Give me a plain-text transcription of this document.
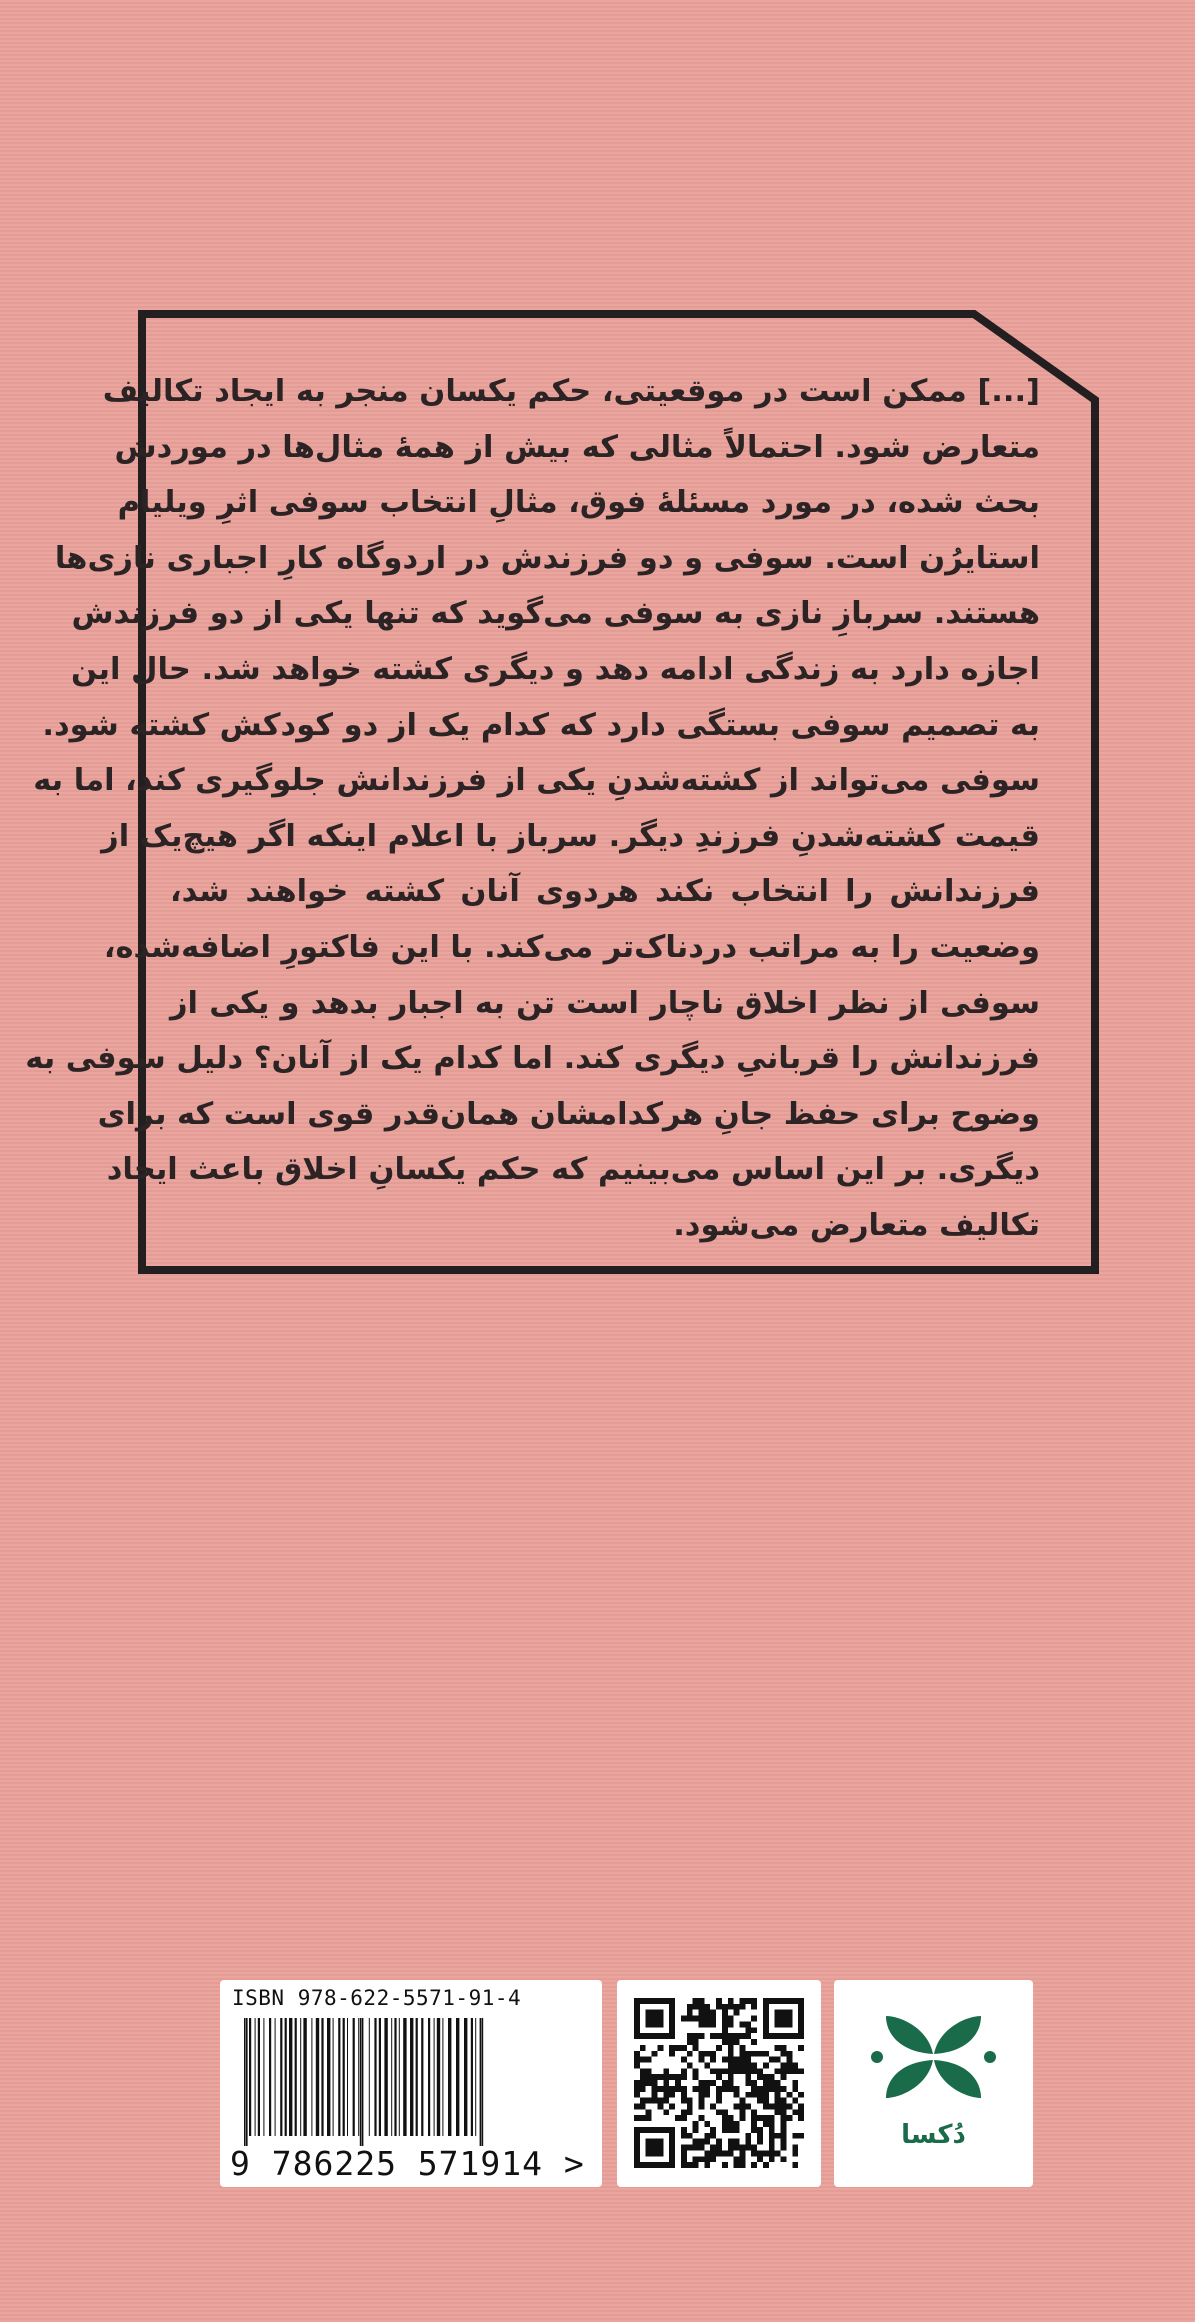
[...] ممکن است در موقعیتی، حکم یکسان منجر به ایجاد تکالیف
متعارض شود. احتمالاً مثالی که بیش از همهٔ مثال‌ها در موردش
بحث شده، در مورد مسئلهٔ فوق، مثالِ انتخاب سوفی اثرِ ویلیام
استایرُن است. سوفی و دو فرزندش در اردوگاه کارِ اجباری نازی‌ها
هستند. سربازِ نازی به سوفی می‌گوید که تنها یکی از دو فرزندش
اجازه دارد به زندگی ادامه دهد و دیگری کشته خواهد شد. حال این
به تصمیم سوفی بستگی دارد که کدام یک از دو کودکش کشته شود.
سوفی می‌تواند از کشته‌شدنِ یکی از فرزندانش جلوگیری کند، اما به
قیمت کشته‌شدنِ فرزندِ دیگر. سرباز با اعلام اینکه اگر هیچ‌یک از
فرزندانش را انتخاب نکند هردوی آنان کشته خواهند شد،
وضعیت را به مراتب دردناک‌تر می‌کند. با این فاکتورِ اضافه‌شده،
سوفی از نظر اخلاق ناچار است تن به اجبار بدهد و یکی از
فرزندانش را قربانیِ دیگری کند. اما کدام یک از آنان؟ دلیل سوفی به
وضوح برای حفظ جانِ هرکدامشان همان‌قدر قوی است که برای
دیگری. بر این اساس می‌بینیم که حکم یکسانِ اخلاق باعث ایجاد
تکالیف متعارض می‌شود.
ISBN 978-622-5571-91-4
9 786225 571914 >
دُکسا
